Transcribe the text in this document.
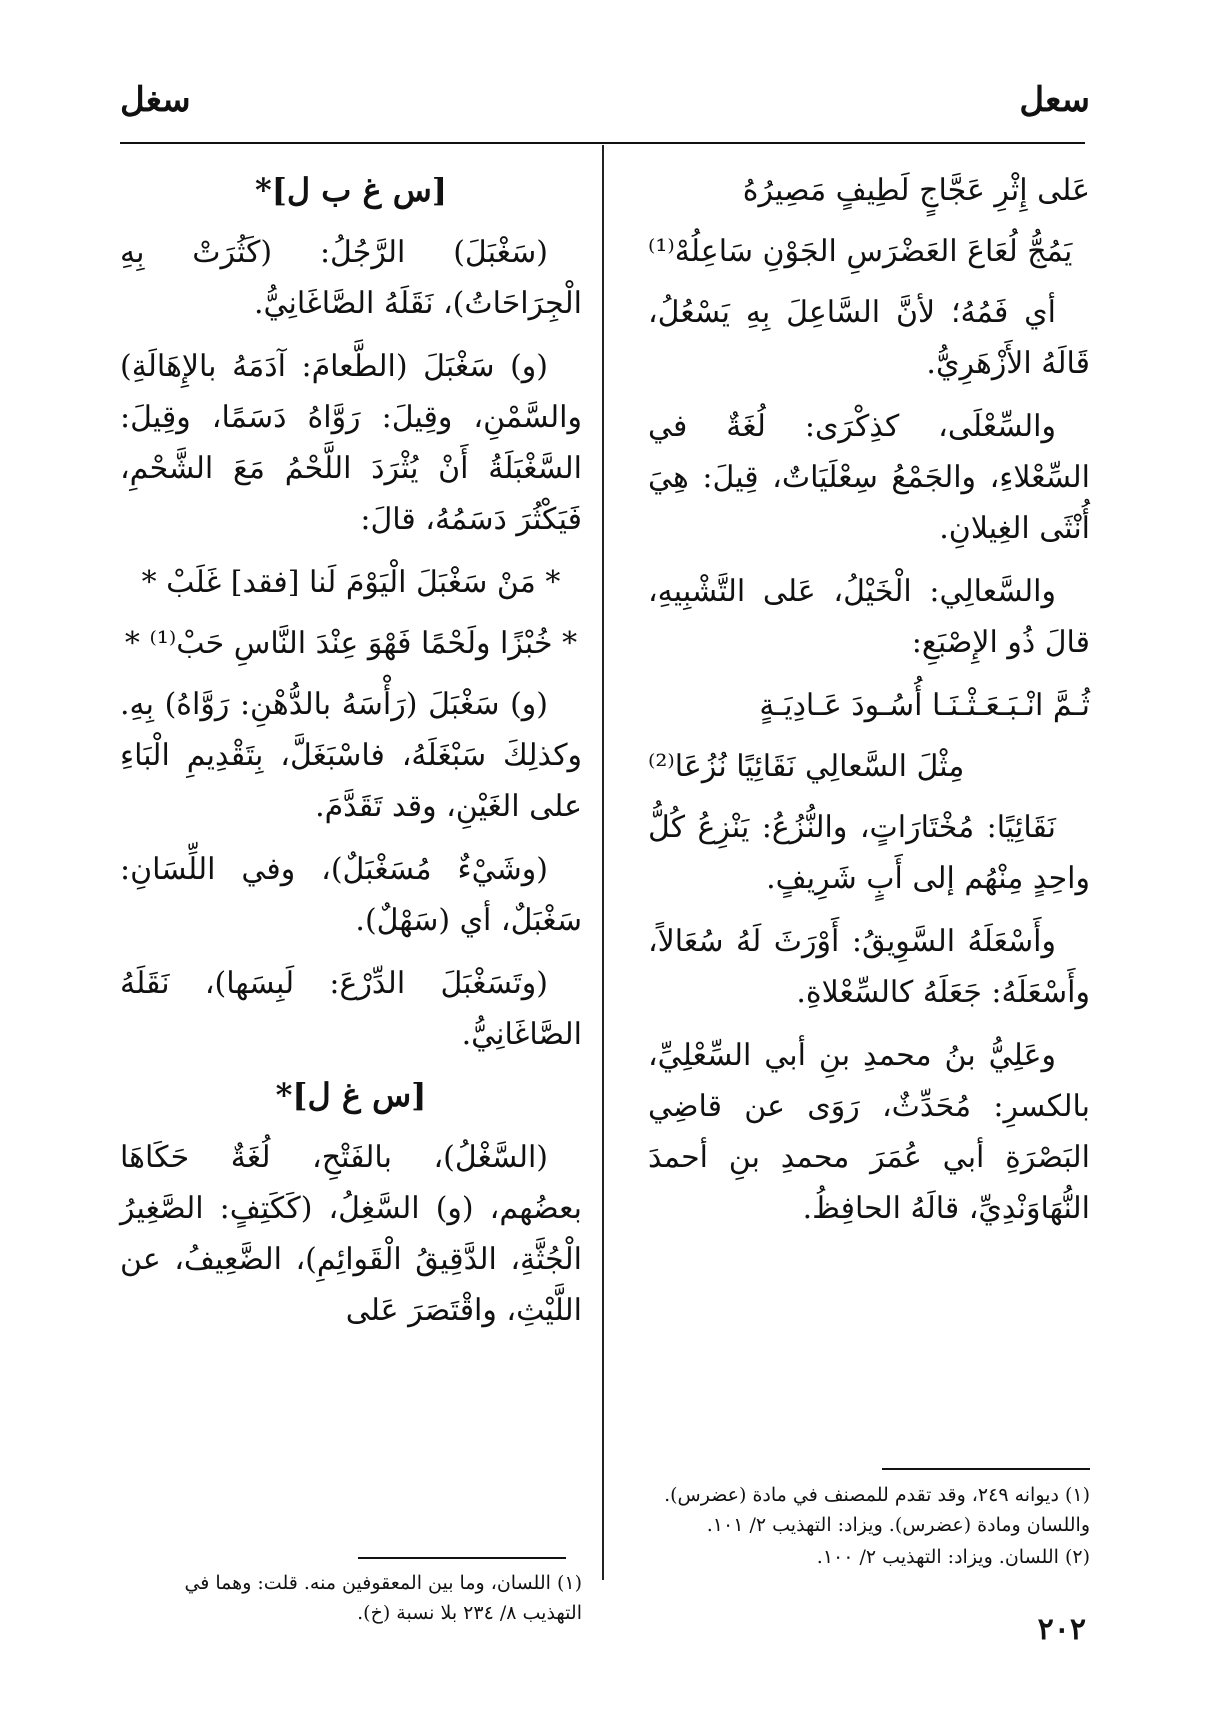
سعل
سغل
عَلى إِثْرِ عَجَّاجٍ لَطِيفٍ مَصِيرُهُ
يَمُجُّ لُعَاعَ العَضْرَسِ الجَوْنِ سَاعِلُهْ⁽¹⁾

أي فَمُهُ؛ لأنَّ السَّاعِلَ بِهِ يَسْعُلُ، قَالَهُ الأَزْهَرِيُّ.

والسِّعْلَى، كذِكْرَى: لُغَةٌ في السِّعْلاءِ، والجَمْعُ سِعْلَيَاتٌ، قِيلَ: هِيَ أُنْثَى الغِيلانِ.

والسَّعالِي: الْخَيْلُ، عَلى التَّشْبِيهِ، قالَ ذُو الإِصْبَعِ:

ثُـمَّ انْـبَـعَـثْـنَـا أُسُـودَ عَـادِيَـةٍ
مِثْلَ السَّعالِي نَقَائِيًا نُزُعَا⁽²⁾

نَقَائِيًا: مُخْتَارَاتٍ، والنُّزُعُ: يَنْزِعُ كُلُّ واحِدٍ مِنْهُم إلى أَبٍ شَرِيفٍ.

وأَسْعَلَهُ السَّوِيقُ: أَوْرَثَ لَهُ سُعَالاً، وأَسْعَلَهُ: جَعَلَهُ كالسِّعْلاةِ.

وعَلِيُّ بنُ محمدِ بنِ أبي السِّعْلِيِّ، بالكسرِ: مُحَدِّثٌ، رَوَى عن قاضِي البَصْرَةِ أبي عُمَرَ محمدِ بنِ أحمدَ النُّهَاوَنْدِيِّ، قالَهُ الحافِظُ.

[س غ ب ل]*

(سَغْبَلَ) الرَّجُلُ: (كَثُرَتْ بِهِ الْجِرَاحَاتُ)، نَقَلَهُ الصَّاغَانِيُّ.

(و) سَغْبَلَ (الطَّعامَ: آدَمَهُ بالإِهَالَةِ) والسَّمْنِ، وقِيلَ: رَوَّاهُ دَسَمًا، وقِيلَ: السَّغْبَلَةُ أَنْ يُثْرَدَ اللَّحْمُ مَعَ الشَّحْمِ، فَيَكْثُرَ دَسَمُهُ، قالَ:

* مَنْ سَغْبَلَ الْيَوْمَ لَنا [فقد] غَلَبْ *
* خُبْزًا ولَحْمًا فَهْوَ عِنْدَ النَّاسِ حَبْ⁽¹⁾ *

(و) سَغْبَلَ (رَأْسَهُ بالدُّهْنِ: رَوَّاهُ) بِهِ. وكذلِكَ سَبْغَلَهُ، فاسْبَغَلَّ، بِتَقْدِيمِ الْبَاءِ على الغَيْنِ، وقد تَقَدَّمَ.

(وشَيْءٌ مُسَغْبَلٌ)، وفي اللِّسَانِ: سَغْبَلٌ، أي (سَهْلٌ).

(وتَسَغْبَلَ الدِّرْعَ: لَبِسَها)، نَقَلَهُ الصَّاغَانِيُّ.

[س غ ل]*

(السَّغْلُ)، بالفَتْحِ، لُغَةٌ حَكَاهَا بعضُهم، (و) السَّغِلُ، (كَكَتِفٍ: الصَّغِيرُ الْجُثَّةِ، الدَّقِيقُ الْقَوائِمِ)، الضَّعِيفُ، عن اللَّيْثِ، واقْتَصَرَ عَلى

(١) ديوانه ٢٤٩، وقد تقدم للمصنف في مادة (عضرس). واللسان ومادة (عضرس). ويزاد: التهذيب ٢/ ١٠١.

(٢) اللسان. ويزاد: التهذيب ٢/ ١٠٠.

(١) اللسان، وما بين المعقوفين منه. قلت: وهما في التهذيب ٨/ ٢٣٤ بلا نسبة (خ).	٢٠٢
